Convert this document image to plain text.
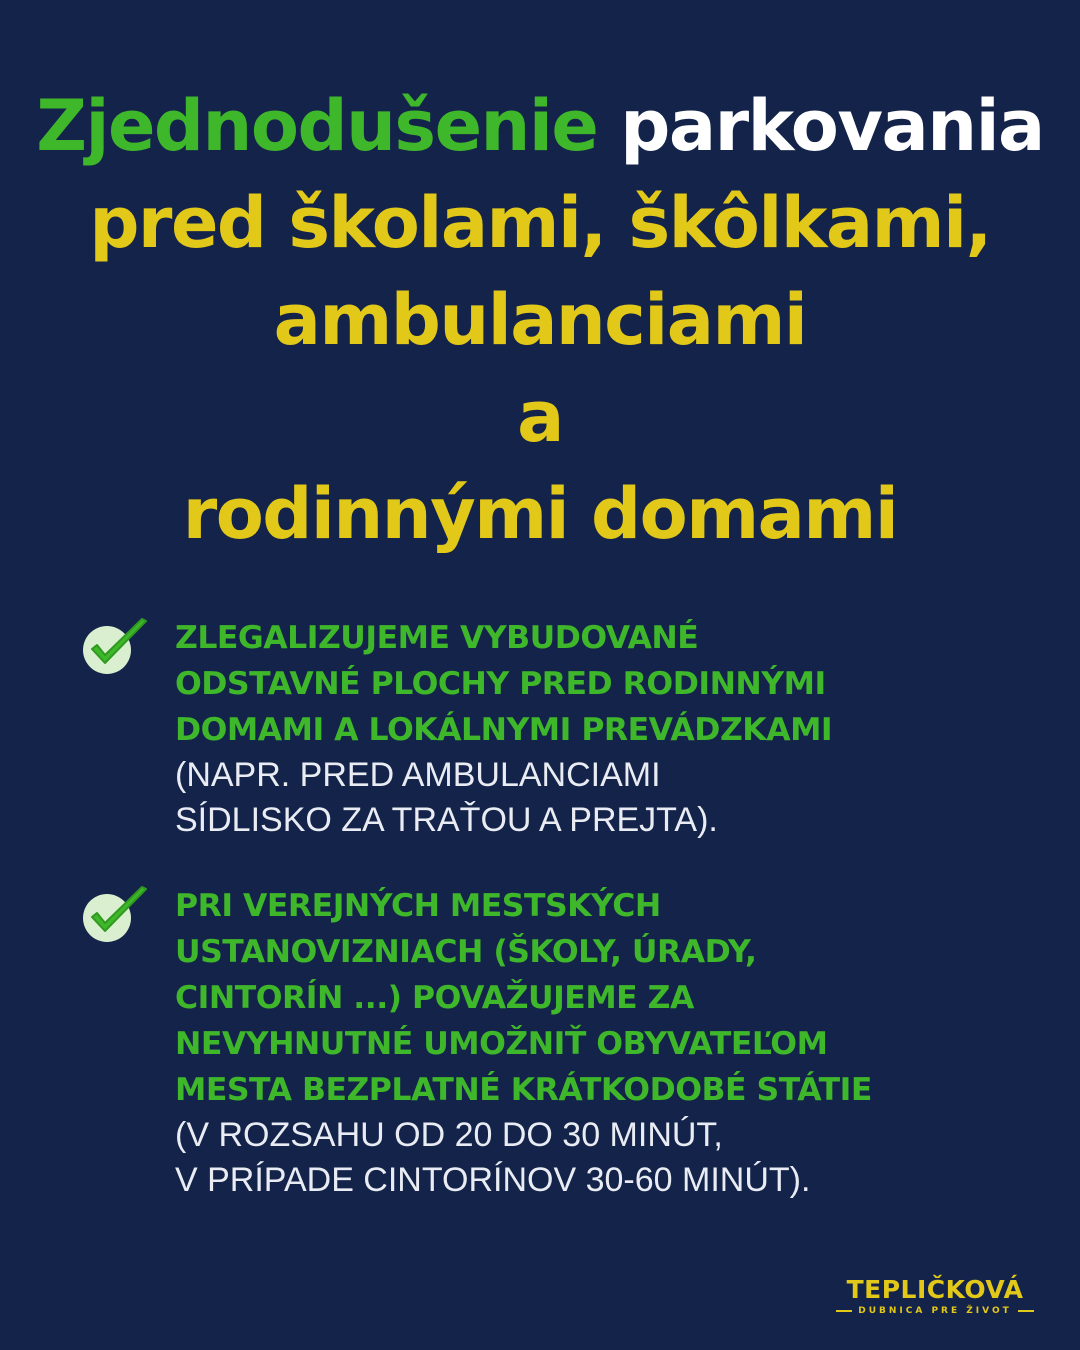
Zjednodušenie parkovania
pred školami, škôlkami,
ambulanciami
a
rodinnými domami
ZLEGALIZUJEME VYBUDOVANÉ
ODSTAVNÉ PLOCHY PRED RODINNÝMI
DOMAMI A LOKÁLNYMI PREVÁDZKAMI
(NAPR. PRED AMBULANCIAMI
SÍDLISKO ZA TRAŤOU A PREJTA).
PRI VEREJNÝCH MESTSKÝCH
USTANOVIZNIACH (ŠKOLY, ÚRADY,
CINTORÍN ...) POVAŽUJEME ZA
NEVYHNUTNÉ UMOŽNIŤ OBYVATEĽOM
MESTA BEZPLATNÉ KRÁTKODOBÉ STÁTIE
(V ROZSAHU OD 20 DO 30 MINÚT,
V PRÍPADE CINTORÍNOV 30-60 MINÚT).
TEPLIČKOVÁ
DUBNICA PRE ŽIVOT
